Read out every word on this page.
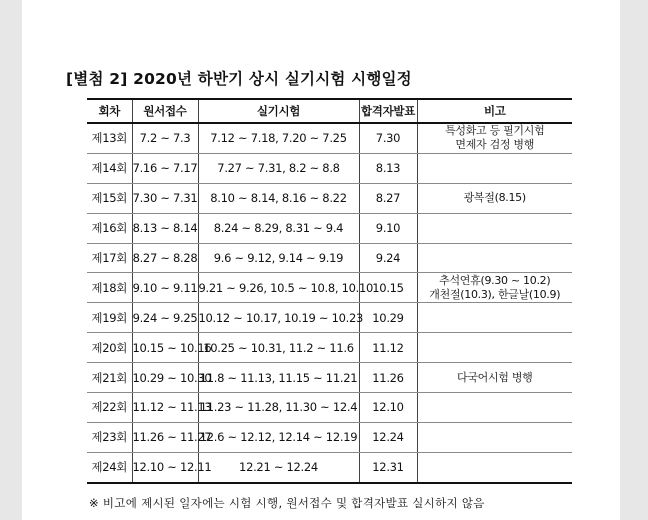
[별첨 2] 2020년 하반기 상시 실기시험 시행일정
회차	원서접수	실기시험	합격자발표	비고
제13회	7.2 ~ 7.3	7.12 ~ 7.18, 7.20 ~ 7.25	7.30	특성화고 등 필기시험
면제자 검정 병행

제14회	7.16 ~ 7.17	7.27 ~ 7.31, 8.2 ~ 8.8	8.13	
제15회	7.30 ~ 7.31	8.10 ~ 8.14, 8.16 ~ 8.22	8.27	광복절(8.15)

제16회	8.13 ~ 8.14	8.24 ~ 8.29, 8.31 ~ 9.4	9.10	
제17회	8.27 ~ 8.28	9.6 ~ 9.12, 9.14 ~ 9.19	9.24	
제18회	9.10 ~ 9.11	9.21 ~ 9.26, 10.5 ~ 10.8, 10.10	10.15	추석연휴(9.30 ~ 10.2)
개천절(10.3), 한글날(10.9)

제19회	9.24 ~ 9.25	10.12 ~ 10.17, 10.19 ~ 10.23	10.29	
제20회	10.15 ~ 10.16	10.25 ~ 10.31, 11.2 ~ 11.6	11.12	
제21회	10.29 ~ 10.30	11.8 ~ 11.13, 11.15 ~ 11.21	11.26	다국어시험 병행

제22회	11.12 ~ 11.13	11.23 ~ 11.28, 11.30 ~ 12.4	12.10	
제23회	11.26 ~ 11.27	12.6 ~ 12.12, 12.14 ~ 12.19	12.24	
제24회	12.10 ~ 12.11	12.21 ~ 12.24	12.31	
※ 비고에 제시된 일자에는 시험 시행, 원서접수 및 합격자발표 실시하지 않음
